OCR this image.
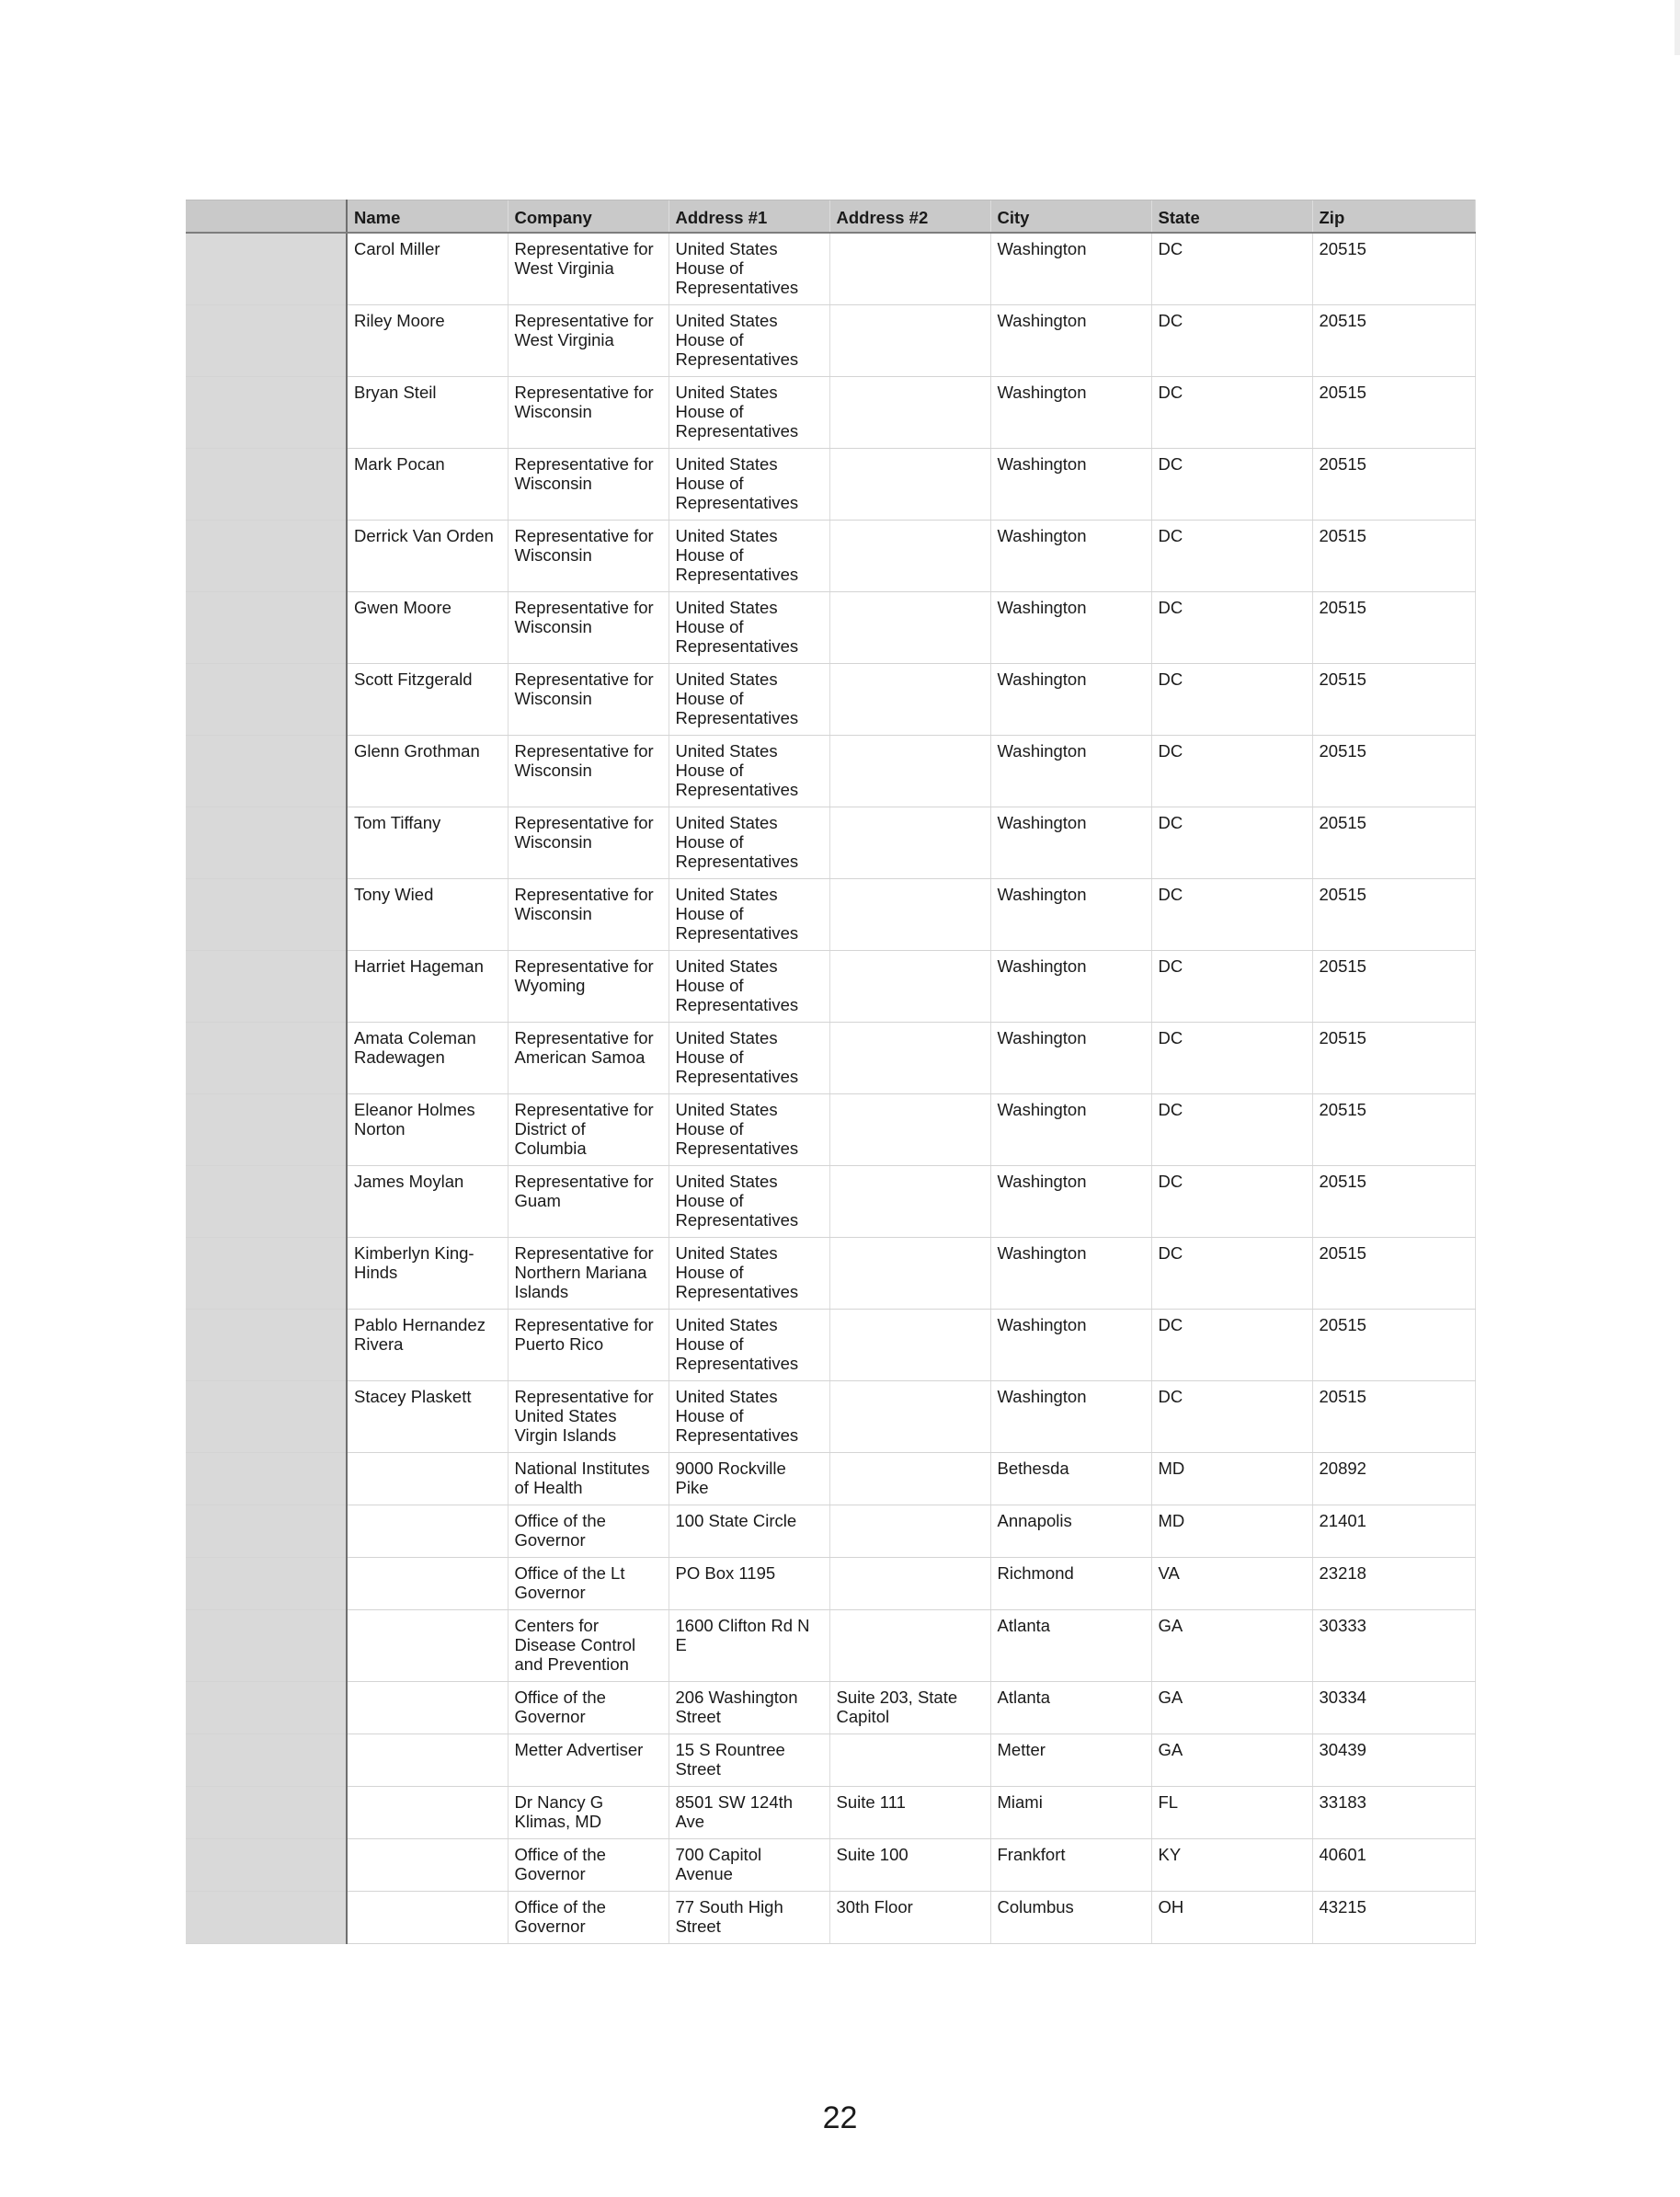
	Name	Company	Address #1	Address #2	City	State	Zip
	Carol Miller	Representative for West Virginia	United States House of Representatives		Washington	DC	20515
	Riley Moore	Representative for West Virginia	United States House of Representatives		Washington	DC	20515
	Bryan Steil	Representative for Wisconsin	United States House of Representatives		Washington	DC	20515
	Mark Pocan	Representative for Wisconsin	United States House of Representatives		Washington	DC	20515
	Derrick Van Orden	Representative for Wisconsin	United States House of Representatives		Washington	DC	20515
	Gwen Moore	Representative for Wisconsin	United States House of Representatives		Washington	DC	20515
	Scott Fitzgerald	Representative for Wisconsin	United States House of Representatives		Washington	DC	20515
	Glenn Grothman	Representative for Wisconsin	United States House of Representatives		Washington	DC	20515
	Tom Tiffany	Representative for Wisconsin	United States House of Representatives		Washington	DC	20515
	Tony Wied	Representative for Wisconsin	United States House of Representatives		Washington	DC	20515
	Harriet Hageman	Representative for Wyoming	United States House of Representatives		Washington	DC	20515
	Amata Coleman Radewagen	Representative for American Samoa	United States House of Representatives		Washington	DC	20515
	Eleanor Holmes Norton	Representative for District of Columbia	United States House of Representatives		Washington	DC	20515
	James Moylan	Representative for Guam	United States House of Representatives		Washington	DC	20515
	Kimberlyn King-Hinds	Representative for Northern Mariana Islands	United States House of Representatives		Washington	DC	20515
	Pablo Hernandez Rivera	Representative for Puerto Rico	United States House of Representatives		Washington	DC	20515
	Stacey Plaskett	Representative for United States Virgin Islands	United States House of Representatives		Washington	DC	20515
		National Institutes of Health	9000 Rockville Pike		Bethesda	MD	20892
		Office of the Governor	100 State Circle		Annapolis	MD	21401
		Office of the Lt Governor	PO Box 1195		Richmond	VA	23218
		Centers for Disease Control and Prevention	1600 Clifton Rd N E		Atlanta	GA	30333
		Office of the Governor	206 Washington Street	Suite 203, State Capitol	Atlanta	GA	30334
		Metter Advertiser	15 S Rountree Street		Metter	GA	30439
		Dr Nancy G Klimas, MD	8501 SW 124th Ave	Suite 111	Miami	FL	33183
		Office of the Governor	700 Capitol Avenue	Suite 100	Frankfort	KY	40601
		Office of the Governor	77 South High Street	30th Floor	Columbus	OH	43215
22
